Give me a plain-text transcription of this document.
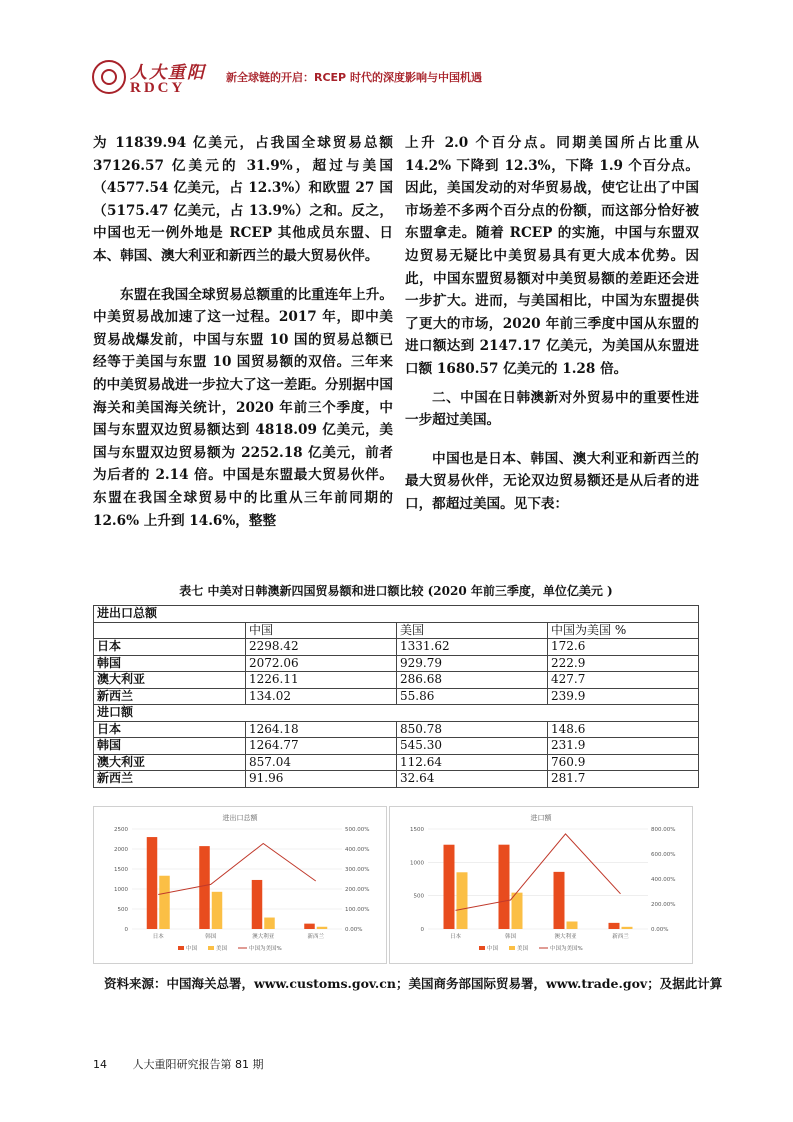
人大重阳
RDCY
新全球链的开启：RCEP 时代的深度影响与中国机遇

为 11839.94 亿美元，占我国全球贸易总额 37126.57 亿美元的 31.9%，超过与美国（4577.54 亿美元，占 12.3%）和欧盟 27 国（5175.47 亿美元，占 13.9%）之和。反之，中国也无一例外地是 RCEP 其他成员东盟、日本、韩国、澳大利亚和新西兰的最大贸易伙伴。

东盟在我国全球贸易总额重的比重连年上升。中美贸易战加速了这一过程。2017 年，即中美贸易战爆发前，中国与东盟 10 国的贸易总额已经等于美国与东盟 10 国贸易额的双倍。三年来的中美贸易战进一步拉大了这一差距。分别据中国海关和美国海关统计，2020 年前三个季度，中国与东盟双边贸易额达到 4818.09 亿美元，美国与东盟双边贸易额为 2252.18 亿美元，前者为后者的 2.14 倍。中国是东盟最大贸易伙伴。东盟在我国全球贸易中的比重从三年前同期的 12.6% 上升到 14.6%，整整

上升 2.0 个百分点。同期美国所占比重从 14.2% 下降到 12.3%，下降 1.9 个百分点。因此，美国发动的对华贸易战，使它让出了中国市场差不多两个百分点的份额，而这部分恰好被东盟拿走。随着 RCEP 的实施，中国与东盟双边贸易无疑比中美贸易具有更大成本优势。因此，中国东盟贸易额对中美贸易额的差距还会进一步扩大。进而，与美国相比，中国为东盟提供了更大的市场，2020 年前三季度中国从东盟的进口额达到 2147.17 亿美元，为美国从东盟进口额 1680.57 亿美元的 1.28 倍。

二、中国在日韩澳新对外贸易中的重要性进一步超过美国。

中国也是日本、韩国、澳大利亚和新西兰的最大贸易伙伴，无论双边贸易额还是从后者的进口，都超过美国。见下表：

表七 中美对日韩澳新四国贸易额和进口额比较 (2020 年前三季度，单位亿美元 )
进出口总额			
	中国	美国	中国为美国 %
日本	2298.42	1331.62	172.6
韩国	2072.06	929.79	222.9
澳大利亚	1226.11	286.68	427.7
新西兰	134.02	55.86	239.9
进口额			
日本	1264.18	850.78	148.6
韩国	1264.77	545.30	231.9
澳大利亚	857.04	112.64	760.9
新西兰	91.96	32.64	281.7
进出口总额
0
500
1000
1500
2000
2500
0.00%
100.00%
200.00%
300.00%
400.00%
500.00%
日本	韩国	澳大利亚	新西兰
中国	美国	中国为美国%
进口额
0
500
1000
1500
0.00%
200.00%
400.00%
600.00%
800.00%
日本	韩国	澳大利亚	新西兰
中国	美国	中国为美国%
资料来源：中国海关总署，www.customs.gov.cn；美国商务部国际贸易署，www.trade.gov；及据此计算
14 人大重阳研究报告第 81 期
